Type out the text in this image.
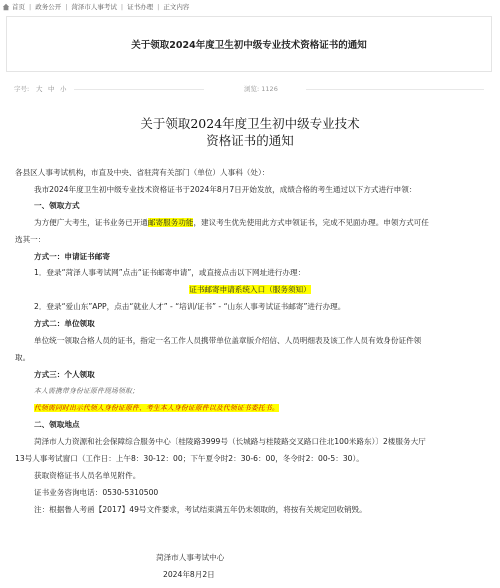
首页 | 政务公开 | 菏泽市人事考试 | 证书办理 | 正文内容
关于领取2024年度卫生初中级专业技术资格证书的通知
字号: 大 中 小	浏览: 1126
关于领取2024年度卫生初中级专业技术
资格证书的通知
各县区人事考试机构，市直及中央、省驻菏有关部门（单位）人事科（处）：
我市2024年度卫生初中级专业技术资格证书于2024年8月7日开始发放，成绩合格的考生通过以下方式进行申领：
一、领取方式
为方便广大考生，证书业务已开通邮寄服务功能，建议考生优先使用此方式申领证书，完成不见面办理。申领方式可任
选其一：
方式一：申请证书邮寄
1．登录“菏泽人事考试网”点击“证书邮寄申请”，或直接点击以下网址进行办理：
证书邮寄申请系统入口（服务须知）
2．登录“爱山东”APP，点击“就业人才” - “培训/证书” - “山东人事考试证书邮寄”进行办理。
方式二：单位领取
单位统一领取合格人员的证书，指定一名工作人员携带单位盖章版介绍信、人员明细表及该工作人员有效身份证件领
取。
方式三：个人领取
本人需携带身份证原件现场领取；
代领需同时出示代领人身份证原件、考生本人身份证原件以及代领证书委托书。
二、领取地点
菏泽市人力资源和社会保障综合服务中心〔桂陵路3999号（长城路与桂陵路交叉路口往北100米路东）〕2楼服务大厅
13号人事考试窗口（工作日：上午8：30-12：00；下午夏令时2：30-6：00，冬令时2：00-5：30）。
获取资格证书人员名单见附件。
证书业务咨询电话：0530-5310500
注：根据鲁人考函【2017】49号文件要求，考试结束满五年仍未领取的，将按有关规定回收销毁。
菏泽市人事考试中心
2024年8月2日
